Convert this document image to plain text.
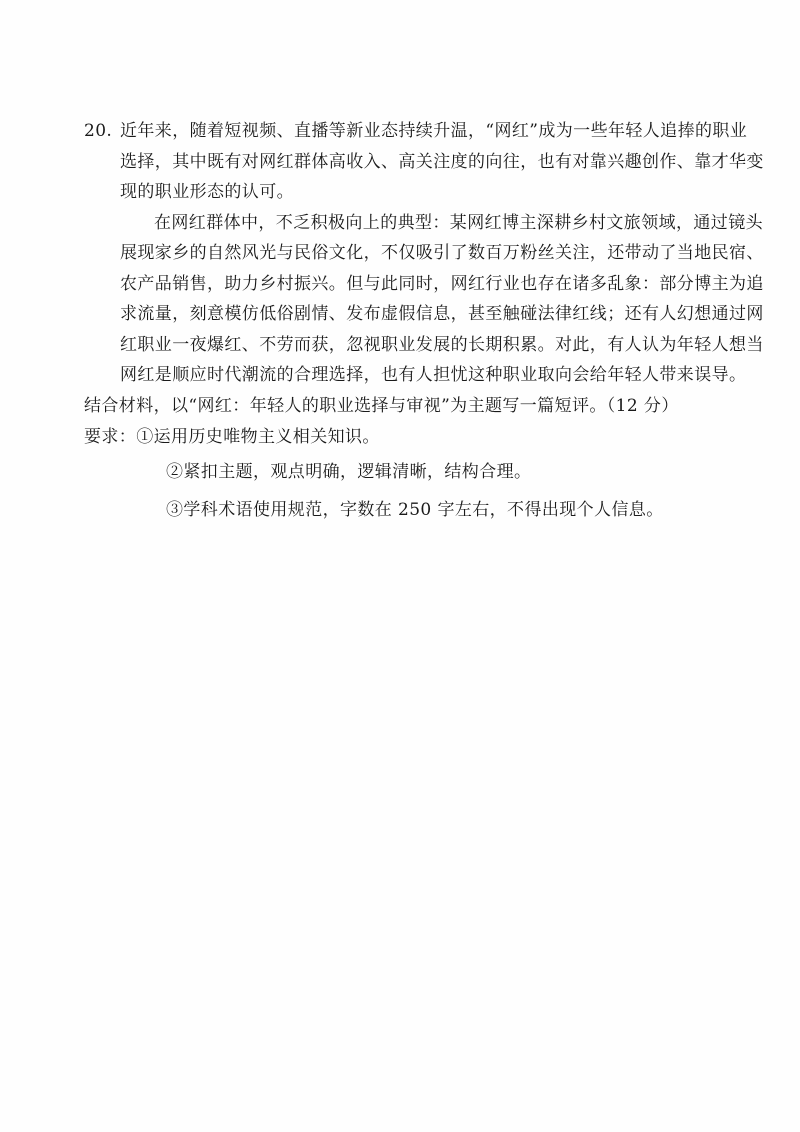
20. 近年来，随着短视频、直播等新业态持续升温，“网红”成为一些年轻人追捧的职业选择，其中既有对网红群体高收入、高关注度的向往，也有对靠兴趣创作、靠才华变现的职业形态的认可。

在网红群体中，不乏积极向上的典型：某网红博主深耕乡村文旅领域，通过镜头展现家乡的自然风光与民俗文化，不仅吸引了数百万粉丝关注，还带动了当地民宿、农产品销售，助力乡村振兴。但与此同时，网红行业也存在诸多乱象：部分博主为追求流量，刻意模仿低俗剧情、发布虚假信息，甚至触碰法律红线；还有人幻想通过网红职业一夜爆红、不劳而获，忽视职业发展的长期积累。对此，有人认为年轻人想当网红是顺应时代潮流的合理选择，也有人担忧这种职业取向会给年轻人带来误导。

结合材料，以“网红：年轻人的职业选择与审视”为主题写一篇短评。（12 分）

要求：①运用历史唯物主义相关知识。
②紧扣主题，观点明确，逻辑清晰，结构合理。
③学科术语使用规范，字数在 250 字左右，不得出现个人信息。
